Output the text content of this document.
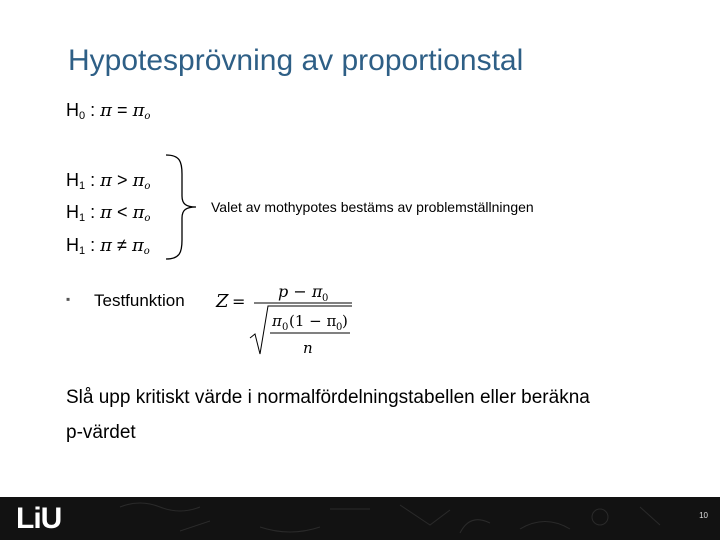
Hypotesprövning av proportionstal
$H_0$ : π = πo
$H_1$ : π > πo
$H_1$ : π < πo
$H_1$ : π ≠ πo
Valet av mothypotes bestäms av problemställningen
▪ Testfunktion Z =
p − π 0
π 0 (1 − π 0 )
n
Slå upp kritiskt värde i normalfördelningstabellen eller beräkna
p-värdet
LiU	10
